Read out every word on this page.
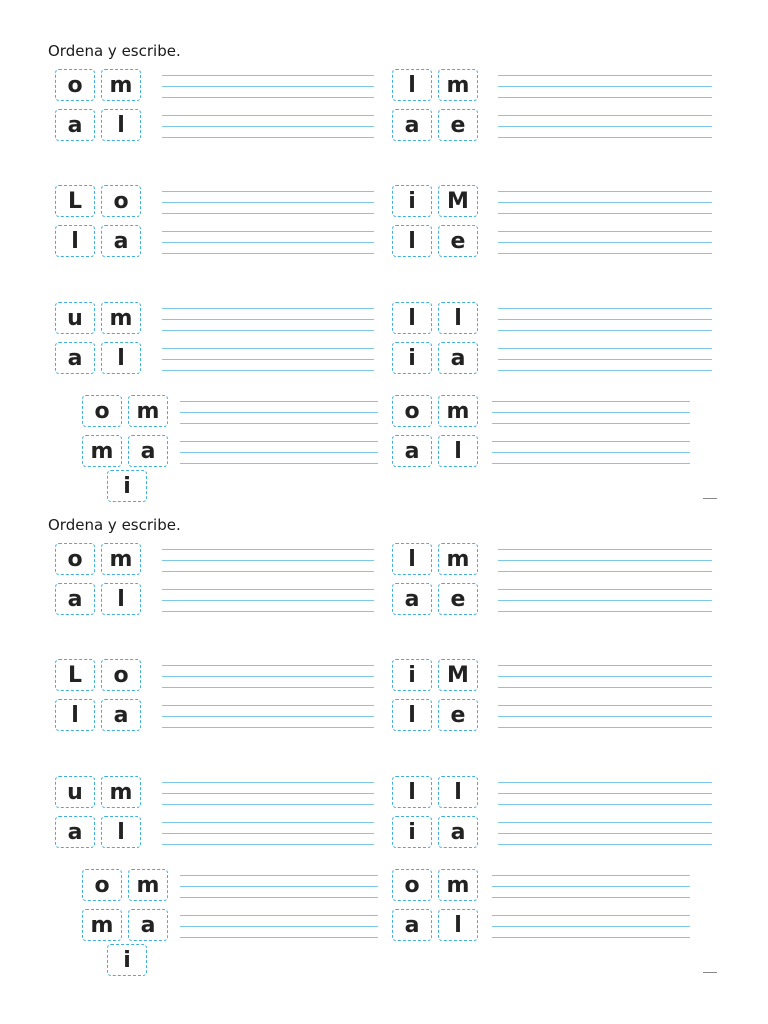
Ordena y escribe.
o	m
a	l
l	m
a	e
L	o
l	a
i	M
l	e
u	m
a	l
l	l
i	a
o	m
m	a
i
o	m
a	l
Ordena y escribe.
o	m
a	l
l	m
a	e
L	o
l	a
i	M
l	e
u	m
a	l
l	l
i	a
o	m
m	a
i
o	m
a	l
